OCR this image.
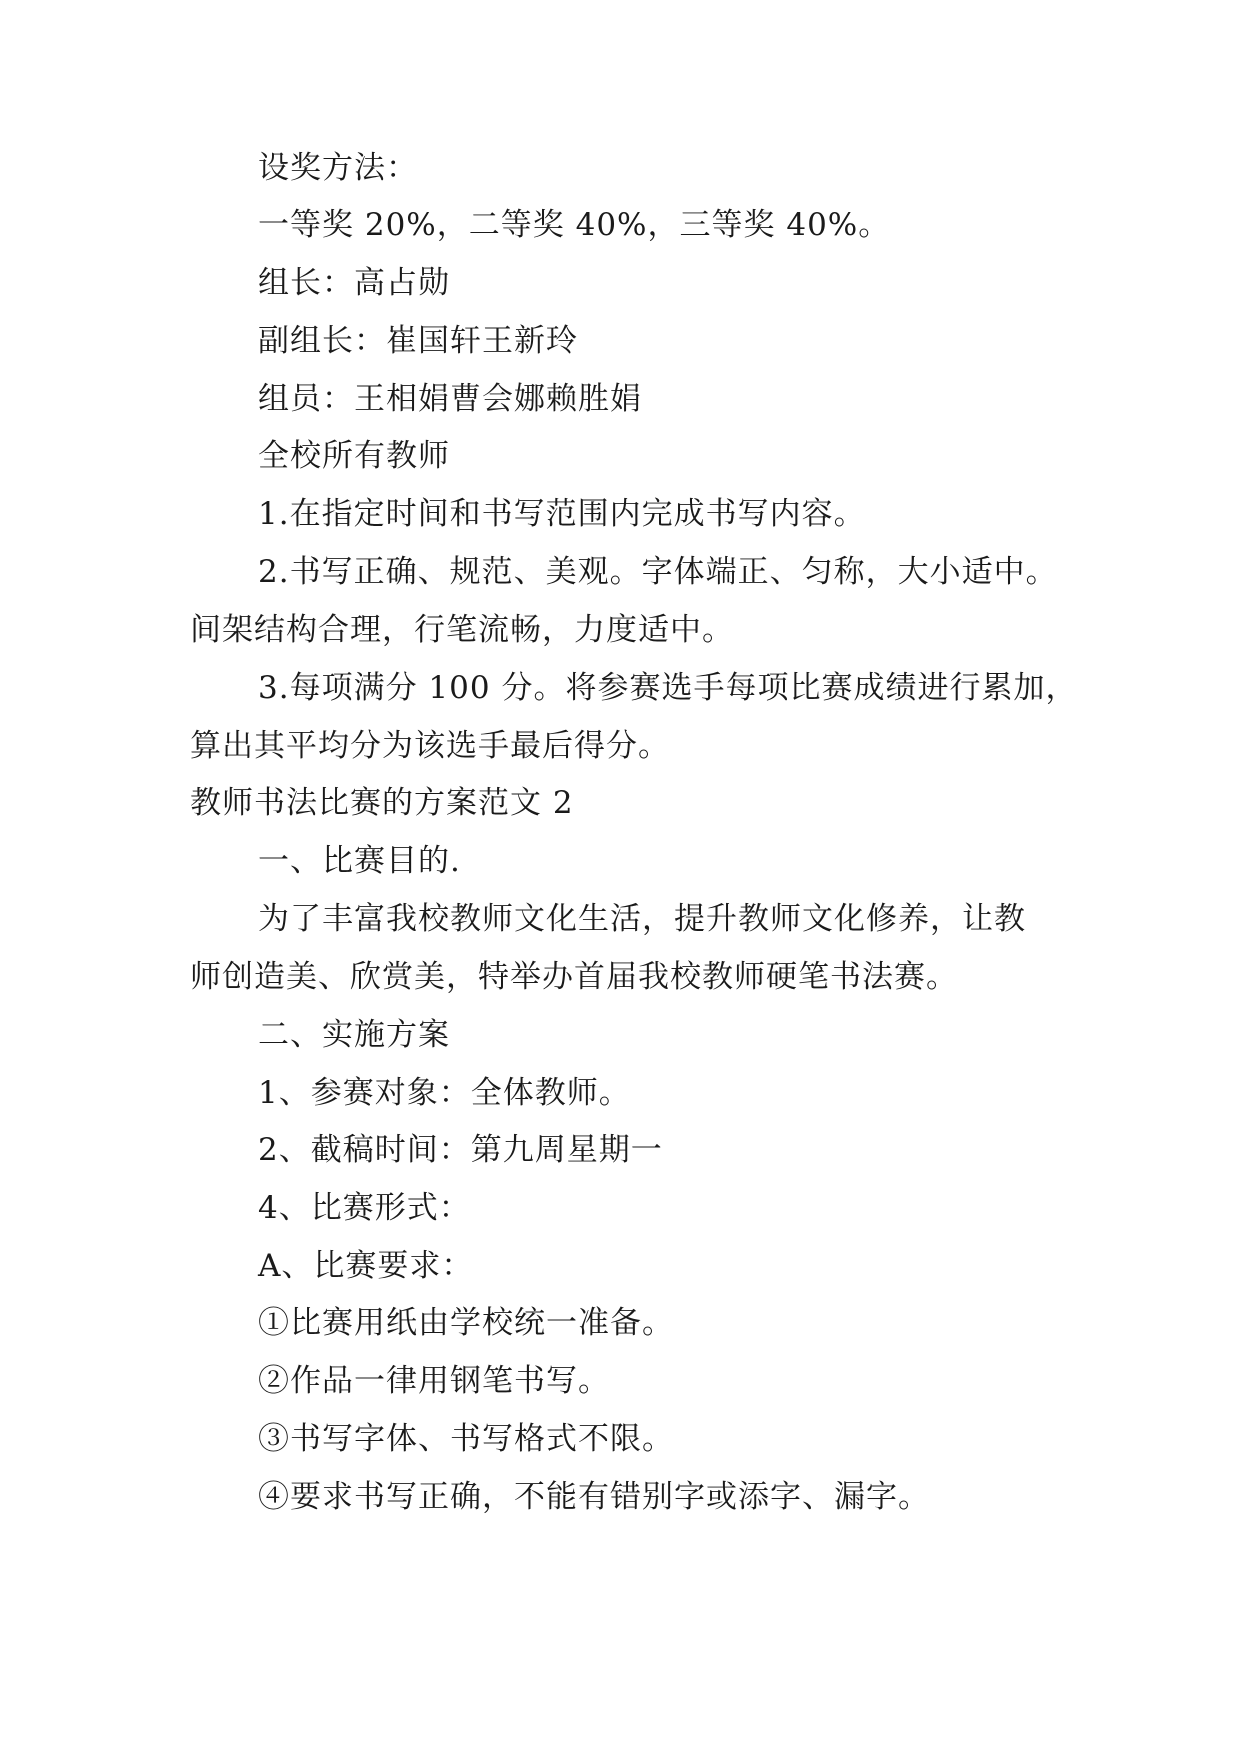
设奖方法：
一等奖 20%，二等奖 40%，三等奖 40%。
组长：高占勋
副组长：崔国轩王新玲
组员：王相娟曹会娜赖胜娟
全校所有教师
1.在指定时间和书写范围内完成书写内容。
2.书写正确、规范、美观。字体端正、匀称，大小适中。
间架结构合理，行笔流畅，力度适中。
3.每项满分 100 分。将参赛选手每项比赛成绩进行累加，
算出其平均分为该选手最后得分。
教师书法比赛的方案范文 2
一、比赛目的.
为了丰富我校教师文化生活，提升教师文化修养，让教
师创造美、欣赏美，特举办首届我校教师硬笔书法赛。
二、实施方案
1、参赛对象：全体教师。
2、截稿时间：第九周星期一
4、比赛形式：
A、比赛要求：
①比赛用纸由学校统一准备。
②作品一律用钢笔书写。
③书写字体、书写格式不限。
④要求书写正确，不能有错别字或添字、漏字。
